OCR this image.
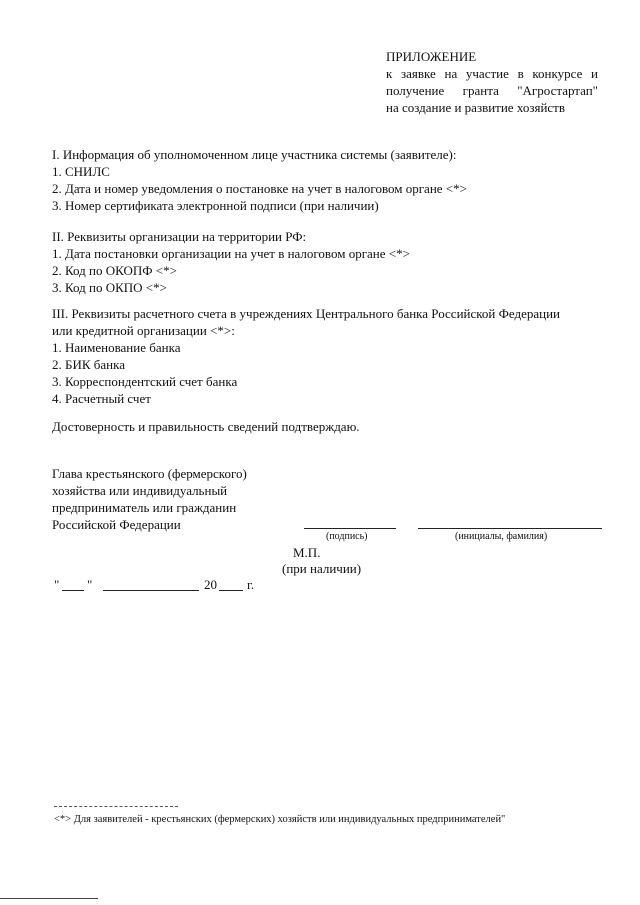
ПРИЛОЖЕНИЕ
к заявке на участие в конкурсе и
получение гранта "Агростартап"
на создание и развитие хозяйств
I. Информация об уполномоченном лице участника системы (заявителе):
1. СНИЛС
2. Дата и номер уведомления о постановке на учет в налоговом органе <*>
3. Номер сертификата электронной подписи (при наличии)
II. Реквизиты организации на территории РФ:
1. Дата постановки организации на учет в налоговом органе <*>
2. Код по ОКОПФ <*>
3. Код по ОКПО <*>
III. Реквизиты расчетного счета в учреждениях Центрального банка Российской Федерации
или кредитной организации <*>:
1. Наименование банка
2. БИК банка
3. Корреспондентский счет банка
4. Расчетный счет
Достоверность и правильность сведений подтверждаю.
Глава крестьянского (фермерского)
хозяйства или индивидуальный
предприниматель или гражданин
Российской Федерации
(подпись)	(инициалы, фамилия)
М.П.
(при наличии)
" "	20 г.
<*> Для заявителей - крестьянских (фермерских) хозяйств или индивидуальных предпринимателей"
